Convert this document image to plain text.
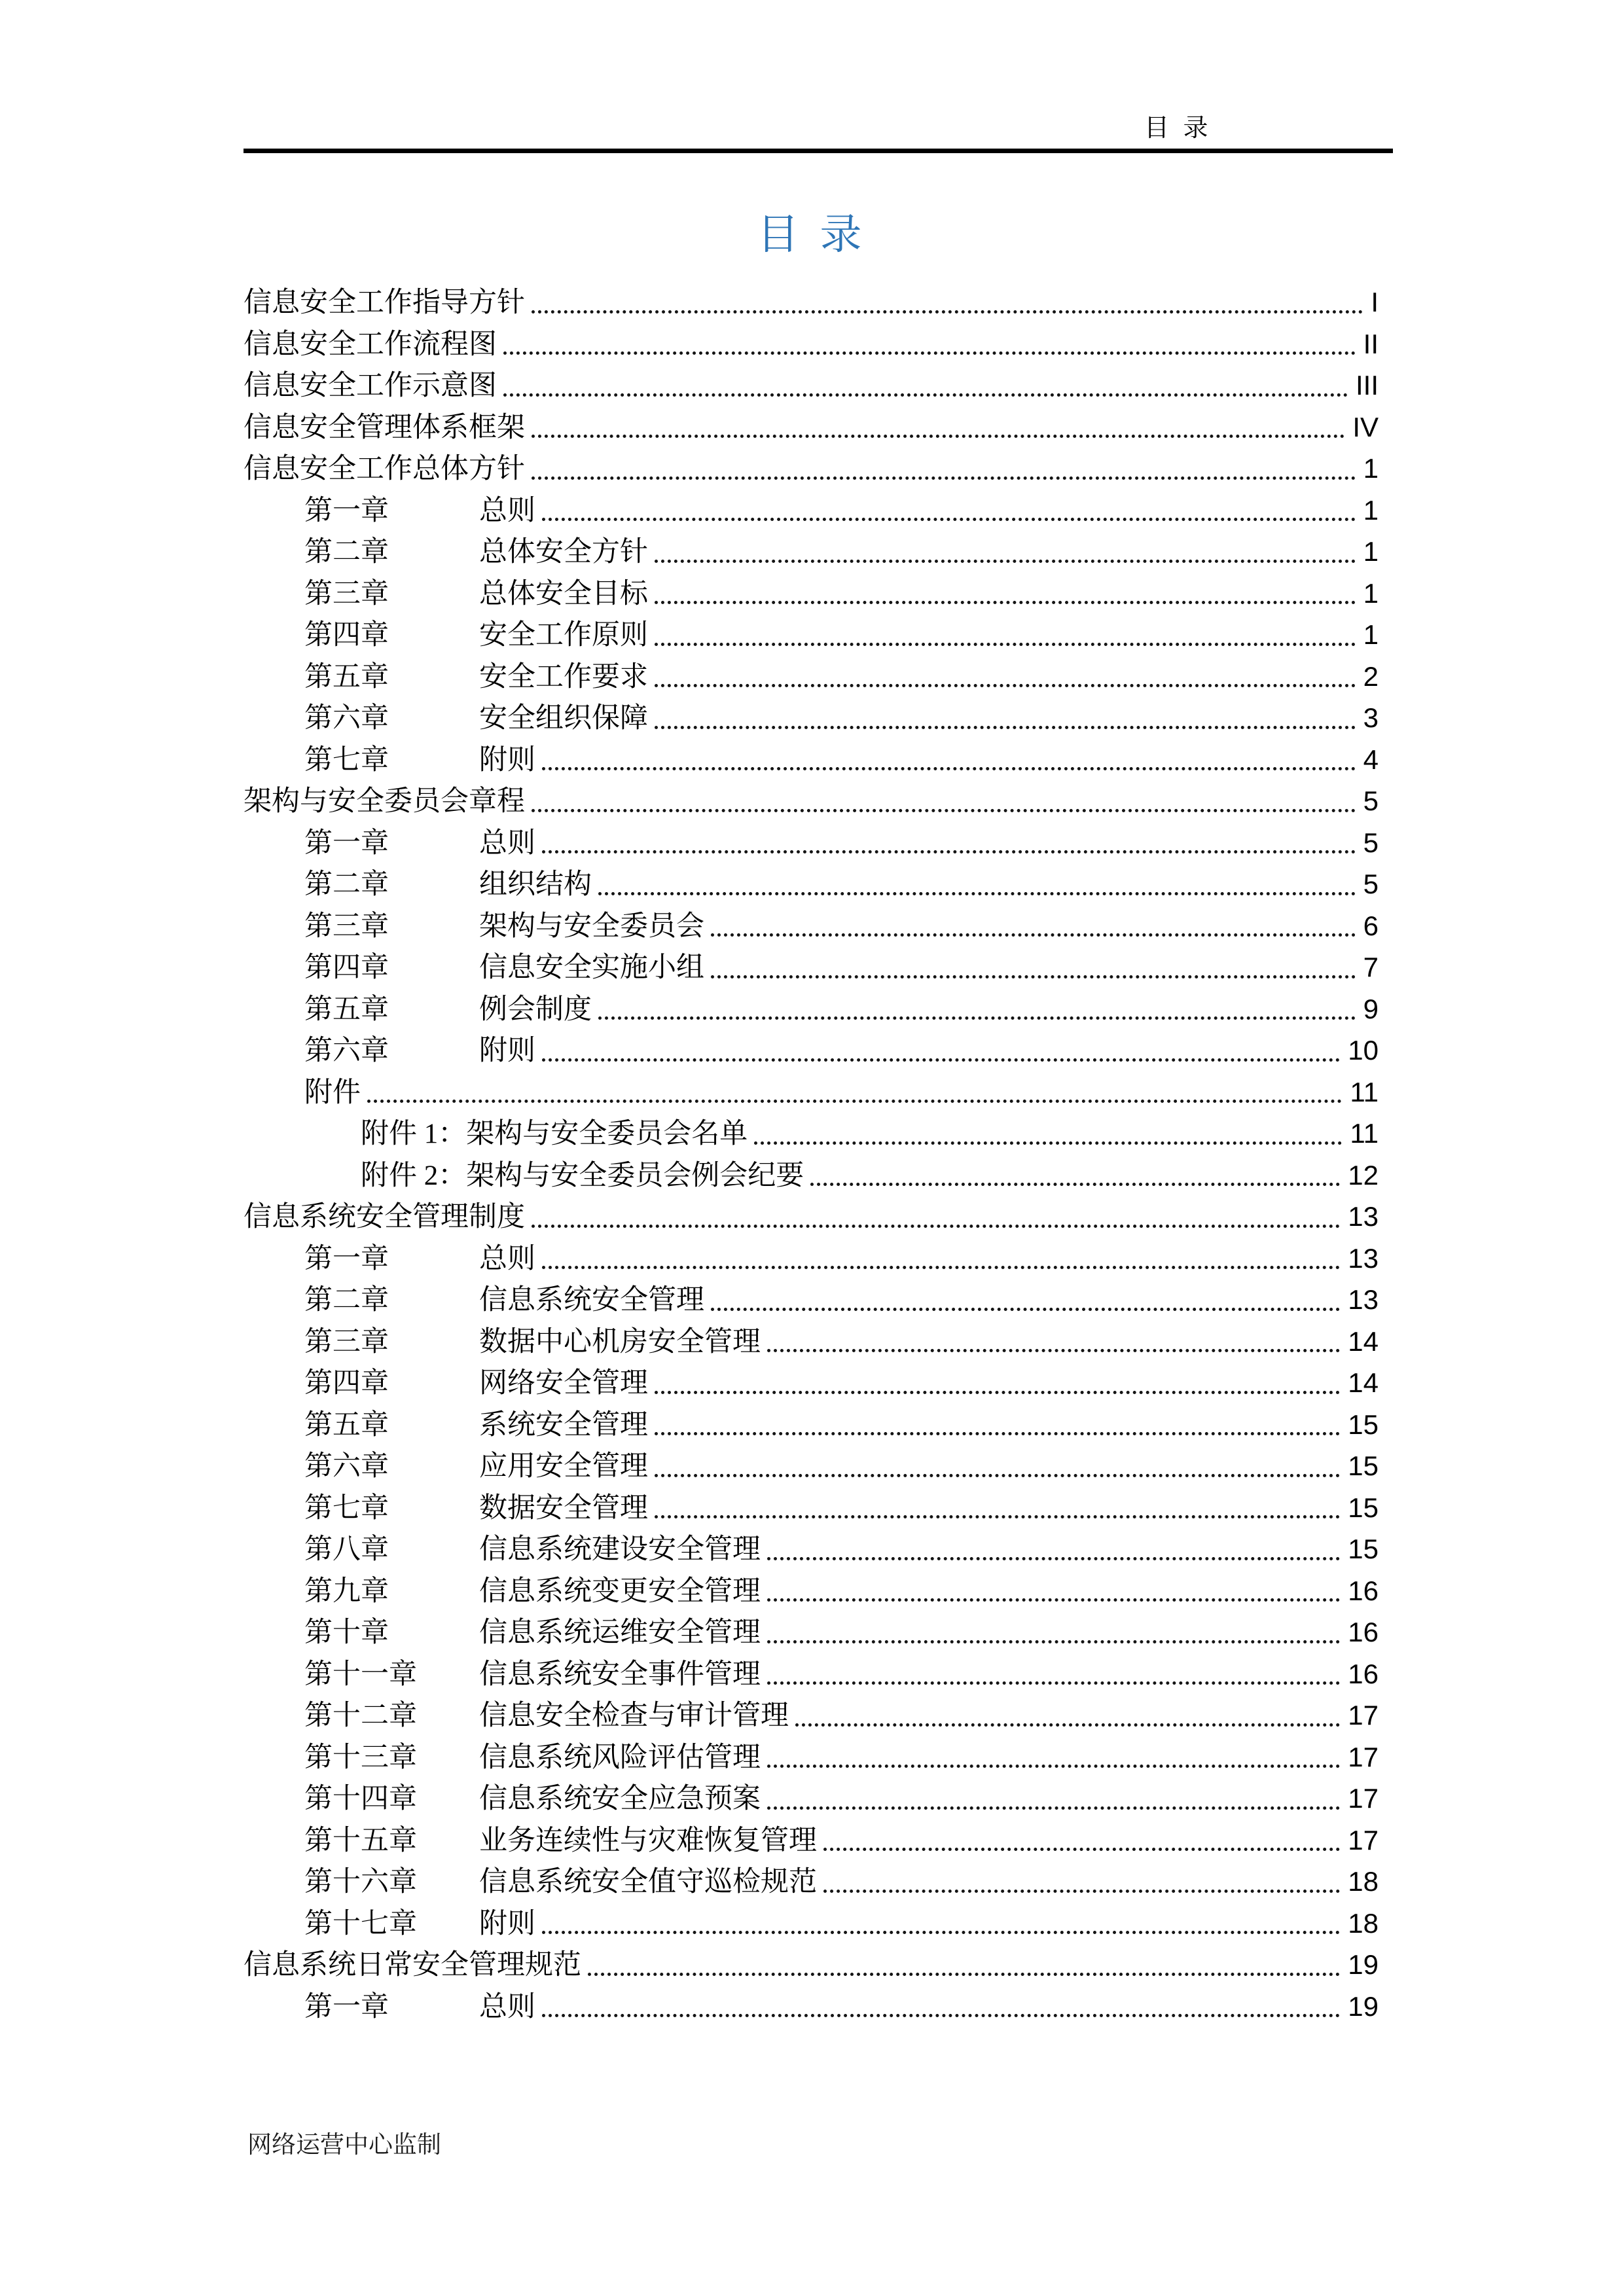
目 录
目 录
信息安全工作指导方针	I
信息安全工作流程图	II
信息安全工作示意图	III
信息安全管理体系框架	IV
信息安全工作总体方针	1
第一章	总则	1
第二章	总体安全方针	1
第三章	总体安全目标	1
第四章	安全工作原则	1
第五章	安全工作要求	2
第六章	安全组织保障	3
第七章	附则	4
架构与安全委员会章程	5
第一章	总则	5
第二章	组织结构	5
第三章	架构与安全委员会	6
第四章	信息安全实施小组	7
第五章	例会制度	9
第六章	附则	10
附件	11
附件 1：架构与安全委员会名单	11
附件 2：架构与安全委员会例会纪要	12
信息系统安全管理制度	13
第一章	总则	13
第二章	信息系统安全管理	13
第三章	数据中心机房安全管理	14
第四章	网络安全管理	14
第五章	系统安全管理	15
第六章	应用安全管理	15
第七章	数据安全管理	15
第八章	信息系统建设安全管理	15
第九章	信息系统变更安全管理	16
第十章	信息系统运维安全管理	16
第十一章	信息系统安全事件管理	16
第十二章	信息安全检查与审计管理	17
第十三章	信息系统风险评估管理	17
第十四章	信息系统安全应急预案	17
第十五章	业务连续性与灾难恢复管理	17
第十六章	信息系统安全值守巡检规范	18
第十七章	附则	18
信息系统日常安全管理规范	19
第一章	总则	19
网络运营中心监制
